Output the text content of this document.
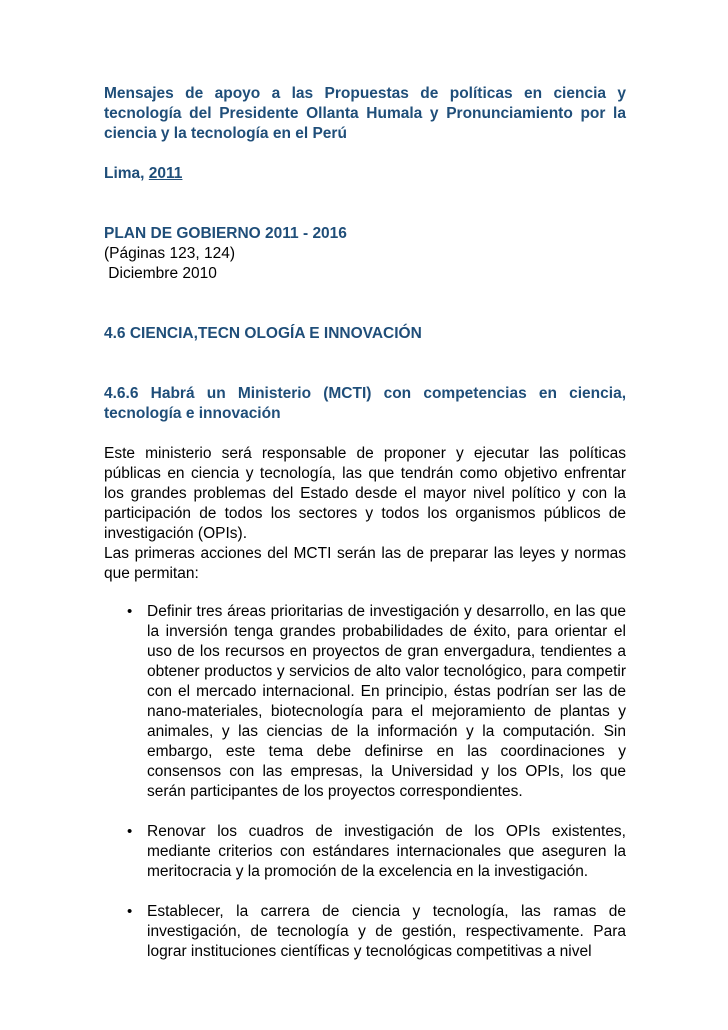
Mensajes de apoyo a las Propuestas de políticas en ciencia y tecnología del Presidente Ollanta Humala y Pronunciamiento por la ciencia y la tecnología en el Perú

Lima, 2011

PLAN DE GOBIERNO 2011 - 2016

(Páginas 123, 124)

Diciembre 2010

4.6 CIENCIA,TECN OLOGÍA E INNOVACIÓN

4.6.6 Habrá un Ministerio (MCTI) con competencias en ciencia, tecnología e innovación

Este ministerio será responsable de proponer y ejecutar las políticas públicas en ciencia y tecnología, las que tendrán como objetivo enfrentar los grandes problemas del Estado desde el mayor nivel político y con la participación de todos los sectores y todos los organismos públicos de investigación (OPIs).

Las primeras acciones del MCTI serán las de preparar las leyes y normas que permitan:

• Definir tres áreas prioritarias de investigación y desarrollo, en las que la inversión tenga grandes probabilidades de éxito, para orientar el uso de los recursos en proyectos de gran envergadura, tendientes a obtener productos y servicios de alto valor tecnológico, para competir con el mercado internacional. En principio, éstas podrían ser las de nano-materiales, biotecnología para el mejoramiento de plantas y animales, y las ciencias de la información y la computación. Sin embargo, este tema debe definirse en las coordinaciones y consensos con las empresas, la Universidad y los OPIs, los que serán participantes de los proyectos correspondientes.

• Renovar los cuadros de investigación de los OPIs existentes, mediante criterios con estándares internacionales que aseguren la meritocracia y la promoción de la excelencia en la investigación.

• Establecer, la carrera de ciencia y tecnología, las ramas de investigación, de tecnología y de gestión, respectivamente. Para lograr instituciones científicas y tecnológicas competitivas a nivel
